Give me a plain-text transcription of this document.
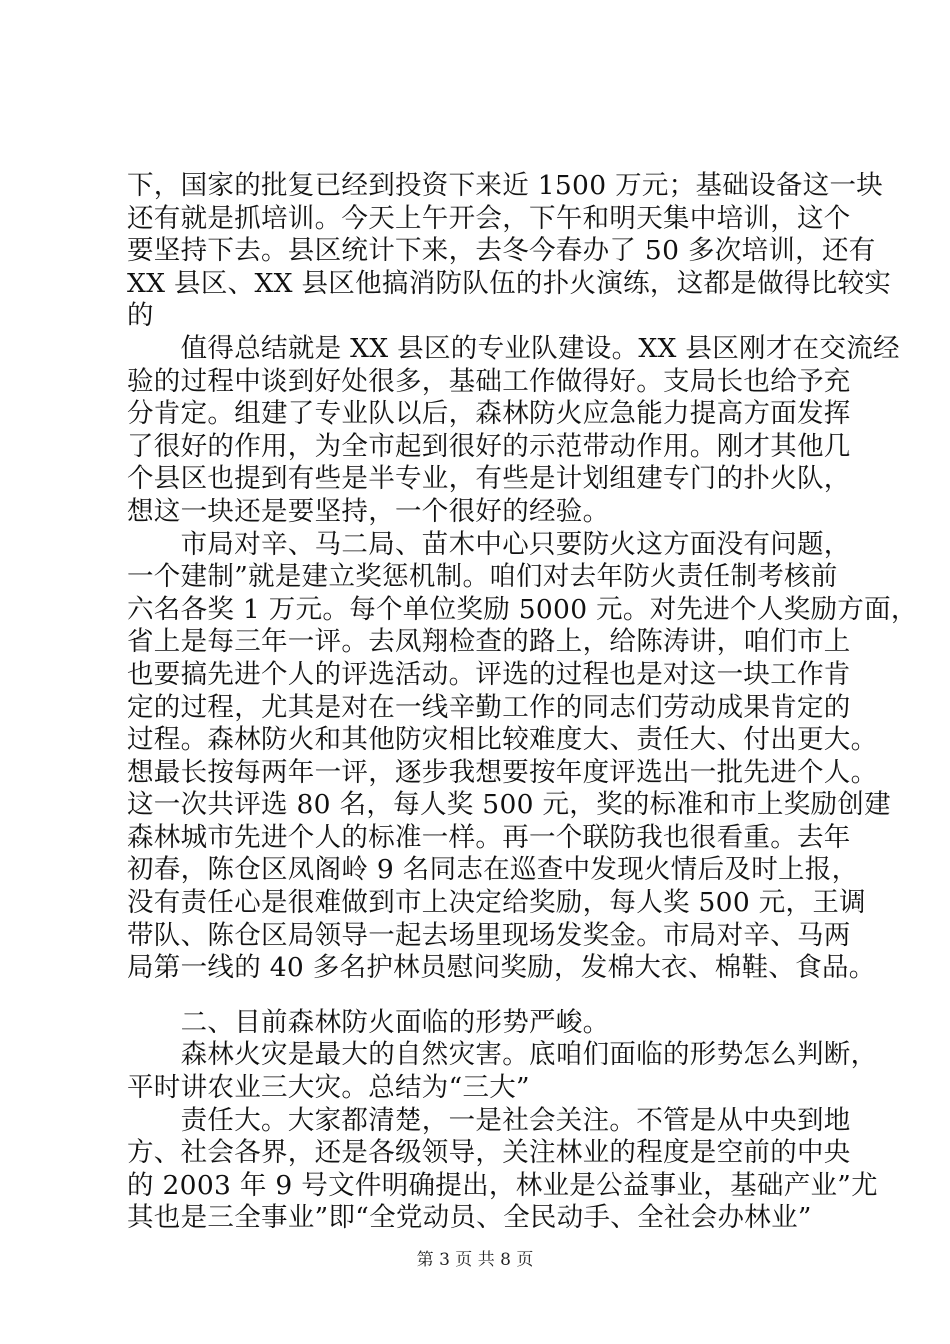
下，国家的批复已经到投资下来近 1500 万元；基础设备这一块
还有就是抓培训。今天上午开会，下午和明天集中培训，这个
要坚持下去。县区统计下来，去冬今春办了 50 多次培训，还有
XX 县区、XX 县区他搞消防队伍的扑火演练，这都是做得比较实
的
　　值得总结就是 XX 县区的专业队建设。XX 县区刚才在交流经
验的过程中谈到好处很多，基础工作做得好。支局长也给予充
分肯定。组建了专业队以后，森林防火应急能力提高方面发挥
了很好的作用，为全市起到很好的示范带动作用。刚才其他几
个县区也提到有些是半专业，有些是计划组建专门的扑火队，
想这一块还是要坚持，一个很好的经验。
　　市局对辛、马二局、苗木中心只要防火这方面没有问题，
一个建制”就是建立奖惩机制。咱们对去年防火责任制考核前
六名各奖 1 万元。每个单位奖励 5000 元。对先进个人奖励方面，
省上是每三年一评。去凤翔检查的路上，给陈涛讲，咱们市上
也要搞先进个人的评选活动。评选的过程也是对这一块工作肯
定的过程，尤其是对在一线辛勤工作的同志们劳动成果肯定的
过程。森林防火和其他防灾相比较难度大、责任大、付出更大。
想最长按每两年一评，逐步我想要按年度评选出一批先进个人。
这一次共评选 80 名，每人奖 500 元，奖的标准和市上奖励创建
森林城市先进个人的标准一样。再一个联防我也很看重。去年
初春，陈仓区凤阁岭 9 名同志在巡查中发现火情后及时上报，
没有责任心是很难做到市上决定给奖励，每人奖 500 元，王调
带队、陈仓区局领导一起去场里现场发奖金。市局对辛、马两
局第一线的 40 多名护林员慰问奖励，发棉大衣、棉鞋、食品。
　　二、目前森林防火面临的形势严峻。
　　森林火灾是最大的自然灾害。底咱们面临的形势怎么判断，
平时讲农业三大灾。总结为“三大”
　　责任大。大家都清楚，一是社会关注。不管是从中央到地
方、社会各界，还是各级领导，关注林业的程度是空前的中央
的 2003 年 9 号文件明确提出，林业是公益事业，基础产业”尤
其也是三全事业”即“全党动员、全民动手、全社会办林业”
第 3 页 共 8 页
